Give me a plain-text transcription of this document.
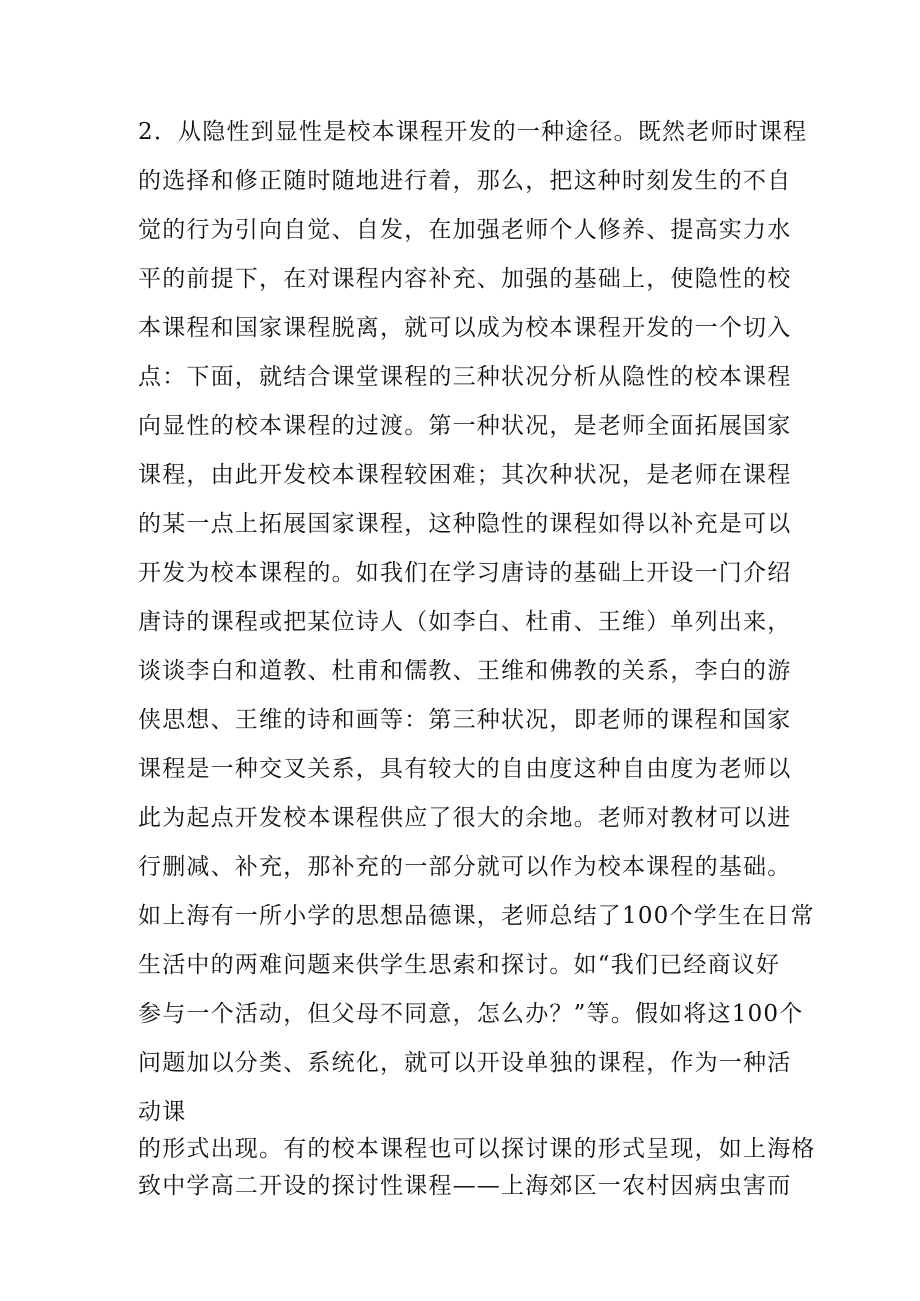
2．从隐性到显性是校本课程开发的一种途径。既然老师时课程
的选择和修正随时随地进行着，那么，把这种时刻发生的不自
觉的行为引向自觉、自发，在加强老师个人修养、提高实力水
平的前提下，在对课程内容补充、加强的基础上，使隐性的校
本课程和国家课程脱离，就可以成为校本课程开发的一个切入
点：下面，就结合课堂课程的三种状况分析从隐性的校本课程
向显性的校本课程的过渡。第一种状况，是老师全面拓展国家
课程，由此开发校本课程较困难；其次种状况，是老师在课程
的某一点上拓展国家课程，这种隐性的课程如得以补充是可以
开发为校本课程的。如我们在学习唐诗的基础上开设一门介绍
唐诗的课程或把某位诗人（如李白、杜甫、王维）单列出来，
谈谈李白和道教、杜甫和儒教、王维和佛教的关系，李白的游
侠思想、王维的诗和画等：第三种状况，即老师的课程和国家
课程是一种交叉关系，具有较大的自由度这种自由度为老师以
此为起点开发校本课程供应了很大的余地。老师对教材可以进
行删减、补充，那补充的一部分就可以作为校本课程的基础。
如上海有一所小学的思想品德课，老师总结了100个学生在日常
生活中的两难问题来供学生思索和探讨。如“我们已经商议好
参与一个活动，但父母不同意，怎么办？”等。假如将这100个
问题加以分类、系统化，就可以开设单独的课程，作为一种活
动课
的形式出现。有的校本课程也可以探讨课的形式呈现，如上海格
致中学高二开设的探讨性课程——上海郊区一农村因病虫害而
